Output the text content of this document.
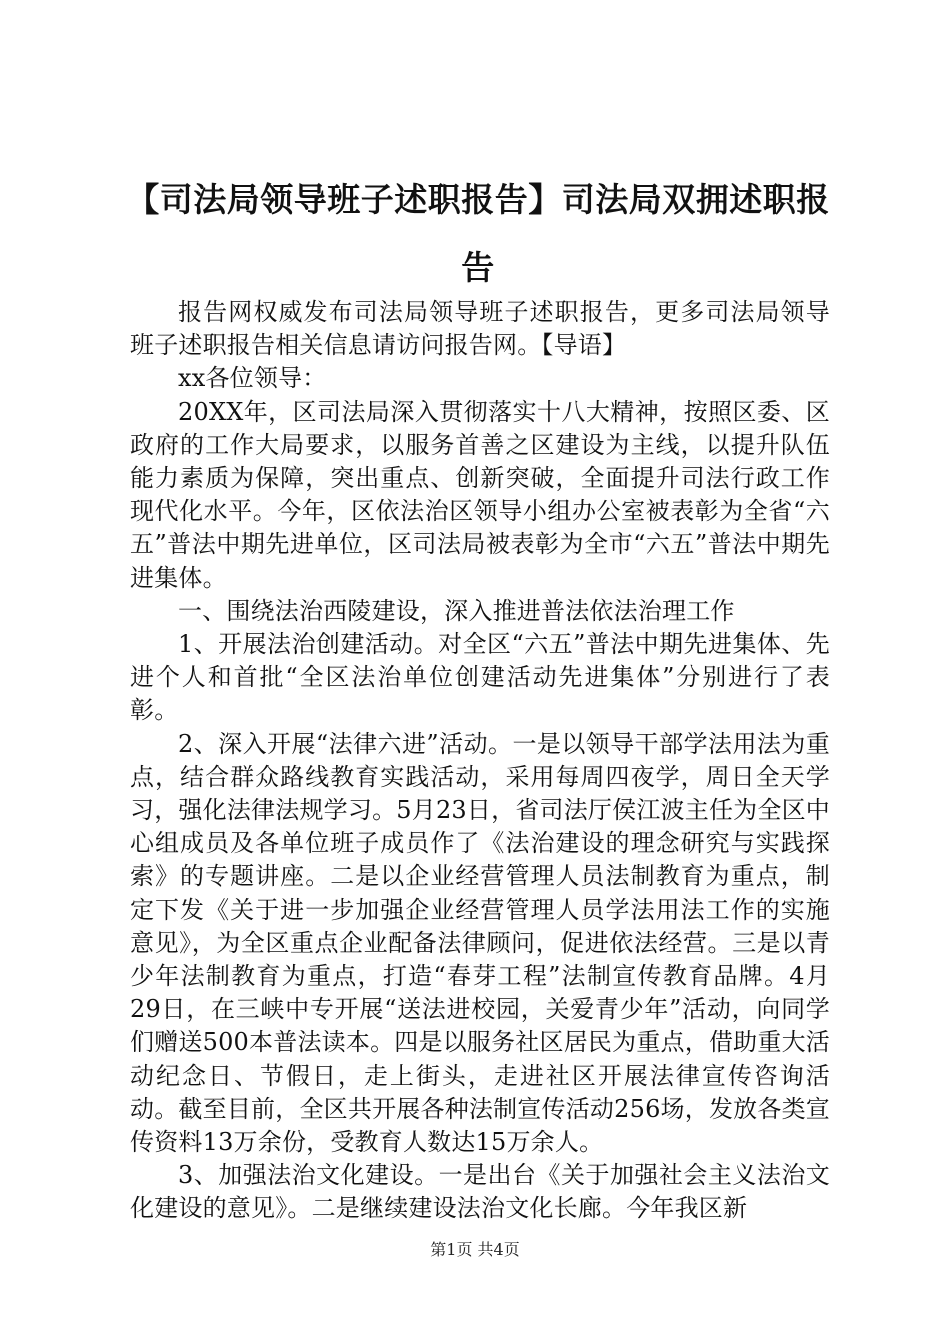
【司法局领导班子述职报告】司法局双拥述职报告

报告网权威发布司法局领导班子述职报告，更多司法局领导班子述职报告相关信息请访问报告网。【导语】

xx各位领导：

20XX年，区司法局深入贯彻落实十八大精神，按照区委、区政府的工作大局要求，以服务首善之区建设为主线，以提升队伍能力素质为保障，突出重点、创新突破，全面提升司法行政工作现代化水平。今年，区依法治区领导小组办公室被表彰为全省“六五”普法中期先进单位，区司法局被表彰为全市“六五”普法中期先进集体。

一、围绕法治西陵建设，深入推进普法依法治理工作

1、开展法治创建活动。对全区“六五”普法中期先进集体、先进个人和首批“全区法治单位创建活动先进集体”分别进行了表彰。

2、深入开展“法律六进”活动。一是以领导干部学法用法为重点，结合群众路线教育实践活动，采用每周四夜学，周日全天学习，强化法律法规学习。5月23日，省司法厅侯江波主任为全区中心组成员及各单位班子成员作了《法治建设的理念研究与实践探索》的专题讲座。二是以企业经营管理人员法制教育为重点，制定下发《关于进一步加强企业经营管理人员学法用法工作的实施意见》，为全区重点企业配备法律顾问，促进依法经营。三是以青少年法制教育为重点，打造“春芽工程”法制宣传教育品牌。4月29日，在三峡中专开展“送法进校园，关爱青少年”活动，向同学们赠送500本普法读本。四是以服务社区居民为重点，借助重大活动纪念日、节假日，走上街头，走进社区开展法律宣传咨询活动。截至目前，全区共开展各种法制宣传活动256场，发放各类宣传资料13万余份，受教育人数达15万余人。

3、加强法治文化建设。一是出台《关于加强社会主义法治文化建设的意见》。二是继续建设法治文化长廊。今年我区新

第1页 共4页
